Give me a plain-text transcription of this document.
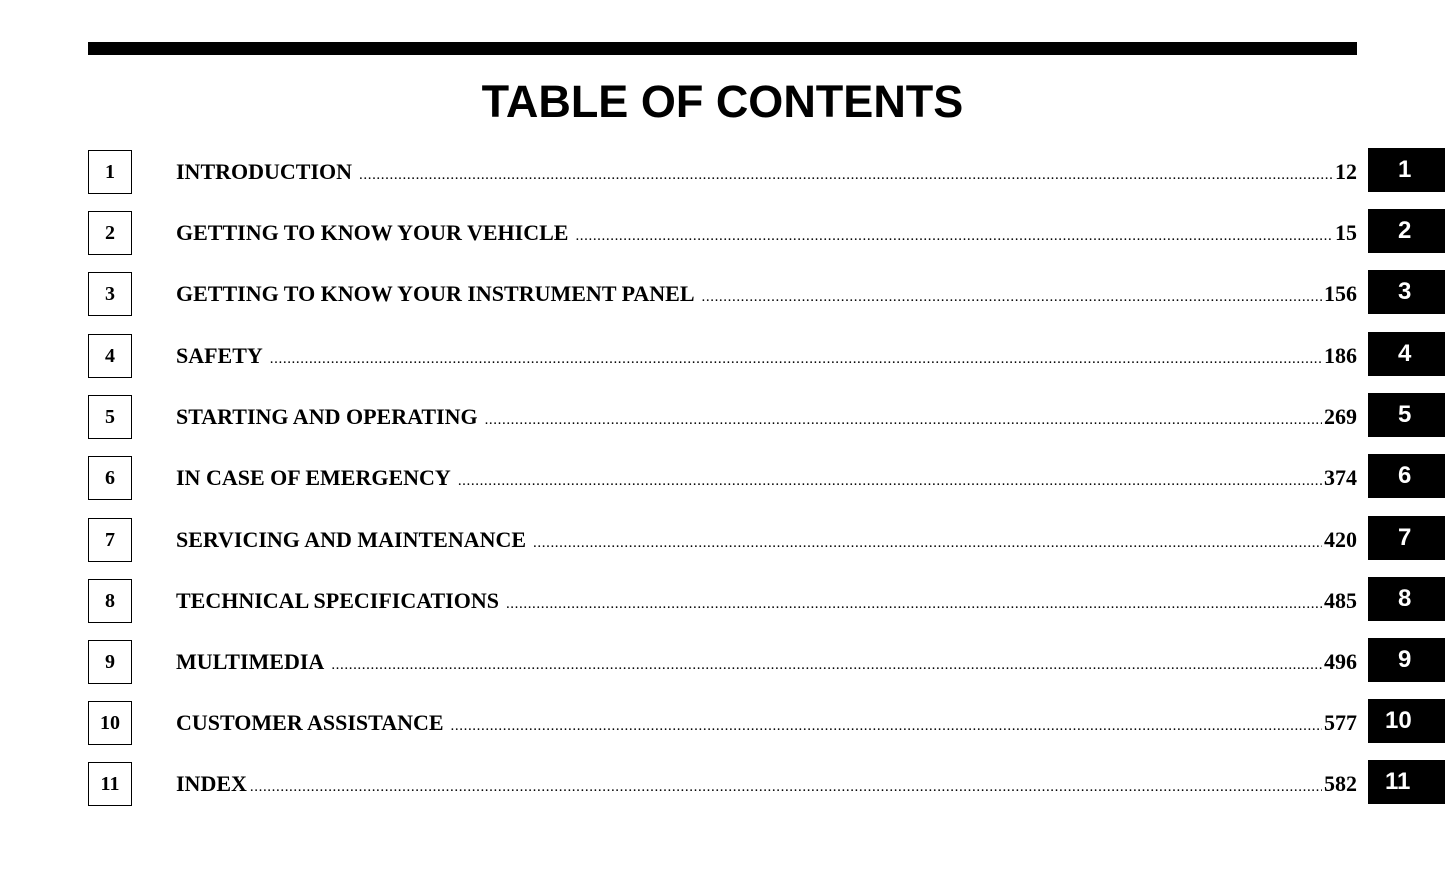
TABLE OF CONTENTS
1	INTRODUCTION .....	12	1
2	GETTING TO KNOW YOUR VEHICLE .....	15	2
3	GETTING TO KNOW YOUR INSTRUMENT PANEL .....	156	3
4	SAFETY .....	186	4
5	STARTING AND OPERATING .....	269	5
6	IN CASE OF EMERGENCY .....	374	6
7	SERVICING AND MAINTENANCE .....	420	7
8	TECHNICAL SPECIFICATIONS .....	485	8
9	MULTIMEDIA .....	496	9
10	CUSTOMER ASSISTANCE .....	577	10
11	INDEX .....	582	11
